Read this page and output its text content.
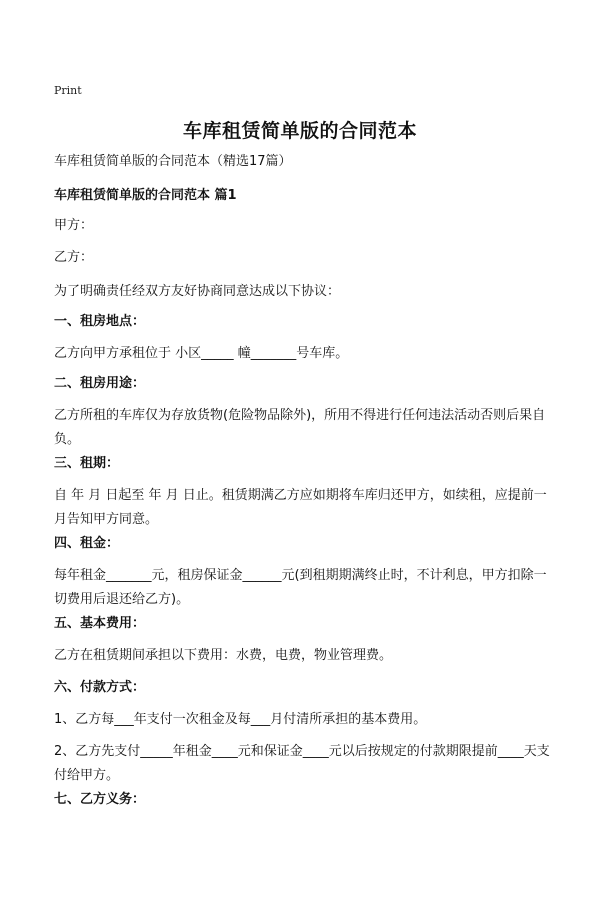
Print
车库租赁简单版的合同范本
车库租赁简单版的合同范本（精选17篇）
车库租赁简单版的合同范本 篇1
甲方：
乙方：
为了明确责任经双方友好协商同意达成以下协议：
一、租房地点：
乙方向甲方承租位于 小区_____ 幢_______号车库。
二、租房用途：
乙方所租的车库仅为存放货物(危险物品除外)，所用不得进行任何违法活动否则后果自负。
三、租期：
自 年 月 日起至 年 月 日止。租赁期满乙方应如期将车库归还甲方，如续租，应提前一月告知甲方同意。
四、租金：
每年租金_______元，租房保证金______元(到租期期满终止时，不计利息，甲方扣除一切费用后退还给乙方)。
五、基本费用：
乙方在租赁期间承担以下费用：水费，电费，物业管理费。
六、付款方式：
1、乙方每___年支付一次租金及每___月付清所承担的基本费用。
2、乙方先支付_____年租金____元和保证金____元以后按规定的付款期限提前____天支付给甲方。
七、乙方义务：
